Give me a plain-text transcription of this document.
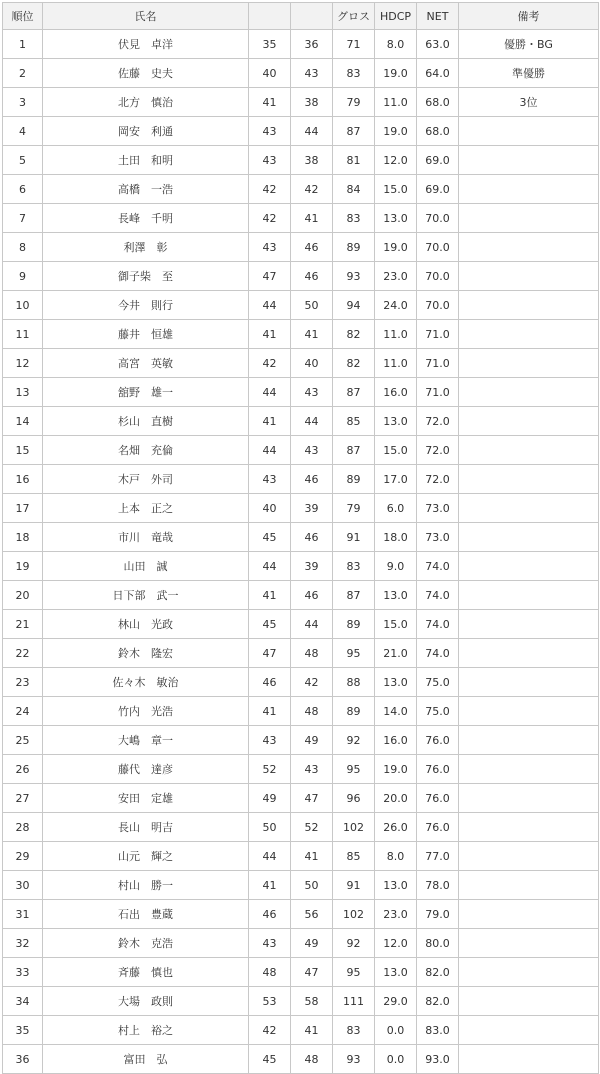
順位	氏名			グロス	HDCP	NET	備考
1	伏見　卓洋	35	36	71	8.0	63.0	優勝・BG
2	佐藤　史夫	40	43	83	19.0	64.0	準優勝
3	北方　慎治	41	38	79	11.0	68.0	3位
4	岡安　利通	43	44	87	19.0	68.0	
5	土田　和明	43	38	81	12.0	69.0	
6	高橋　一浩	42	42	84	15.0	69.0	
7	長峰　千明	42	41	83	13.0	70.0	
8	利澤　彰	43	46	89	19.0	70.0	
9	御子柴　至	47	46	93	23.0	70.0	
10	今井　則行	44	50	94	24.0	70.0	
11	藤井　恒雄	41	41	82	11.0	71.0	
12	高宮　英敏	42	40	82	11.0	71.0	
13	舘野　雄一	44	43	87	16.0	71.0	
14	杉山　直樹	41	44	85	13.0	72.0	
15	名畑　充倫	44	43	87	15.0	72.0	
16	木戸　外司	43	46	89	17.0	72.0	
17	上本　正之	40	39	79	6.0	73.0	
18	市川　竜哉	45	46	91	18.0	73.0	
19	山田　誠	44	39	83	9.0	74.0	
20	日下部　武一	41	46	87	13.0	74.0	
21	林山　光政	45	44	89	15.0	74.0	
22	鈴木　隆宏	47	48	95	21.0	74.0	
23	佐々木　敏治	46	42	88	13.0	75.0	
24	竹内　光浩	41	48	89	14.0	75.0	
25	大嶋　章一	43	49	92	16.0	76.0	
26	藤代　達彦	52	43	95	19.0	76.0	
27	安田　定雄	49	47	96	20.0	76.0	
28	長山　明吉	50	52	102	26.0	76.0	
29	山元　輝之	44	41	85	8.0	77.0	
30	村山　勝一	41	50	91	13.0	78.0	
31	石出　豊蔵	46	56	102	23.0	79.0	
32	鈴木　克浩	43	49	92	12.0	80.0	
33	斉藤　慎也	48	47	95	13.0	82.0	
34	大場　政則	53	58	111	29.0	82.0	
35	村上　裕之	42	41	83	0.0	83.0	
36	富田　弘	45	48	93	0.0	93.0	
